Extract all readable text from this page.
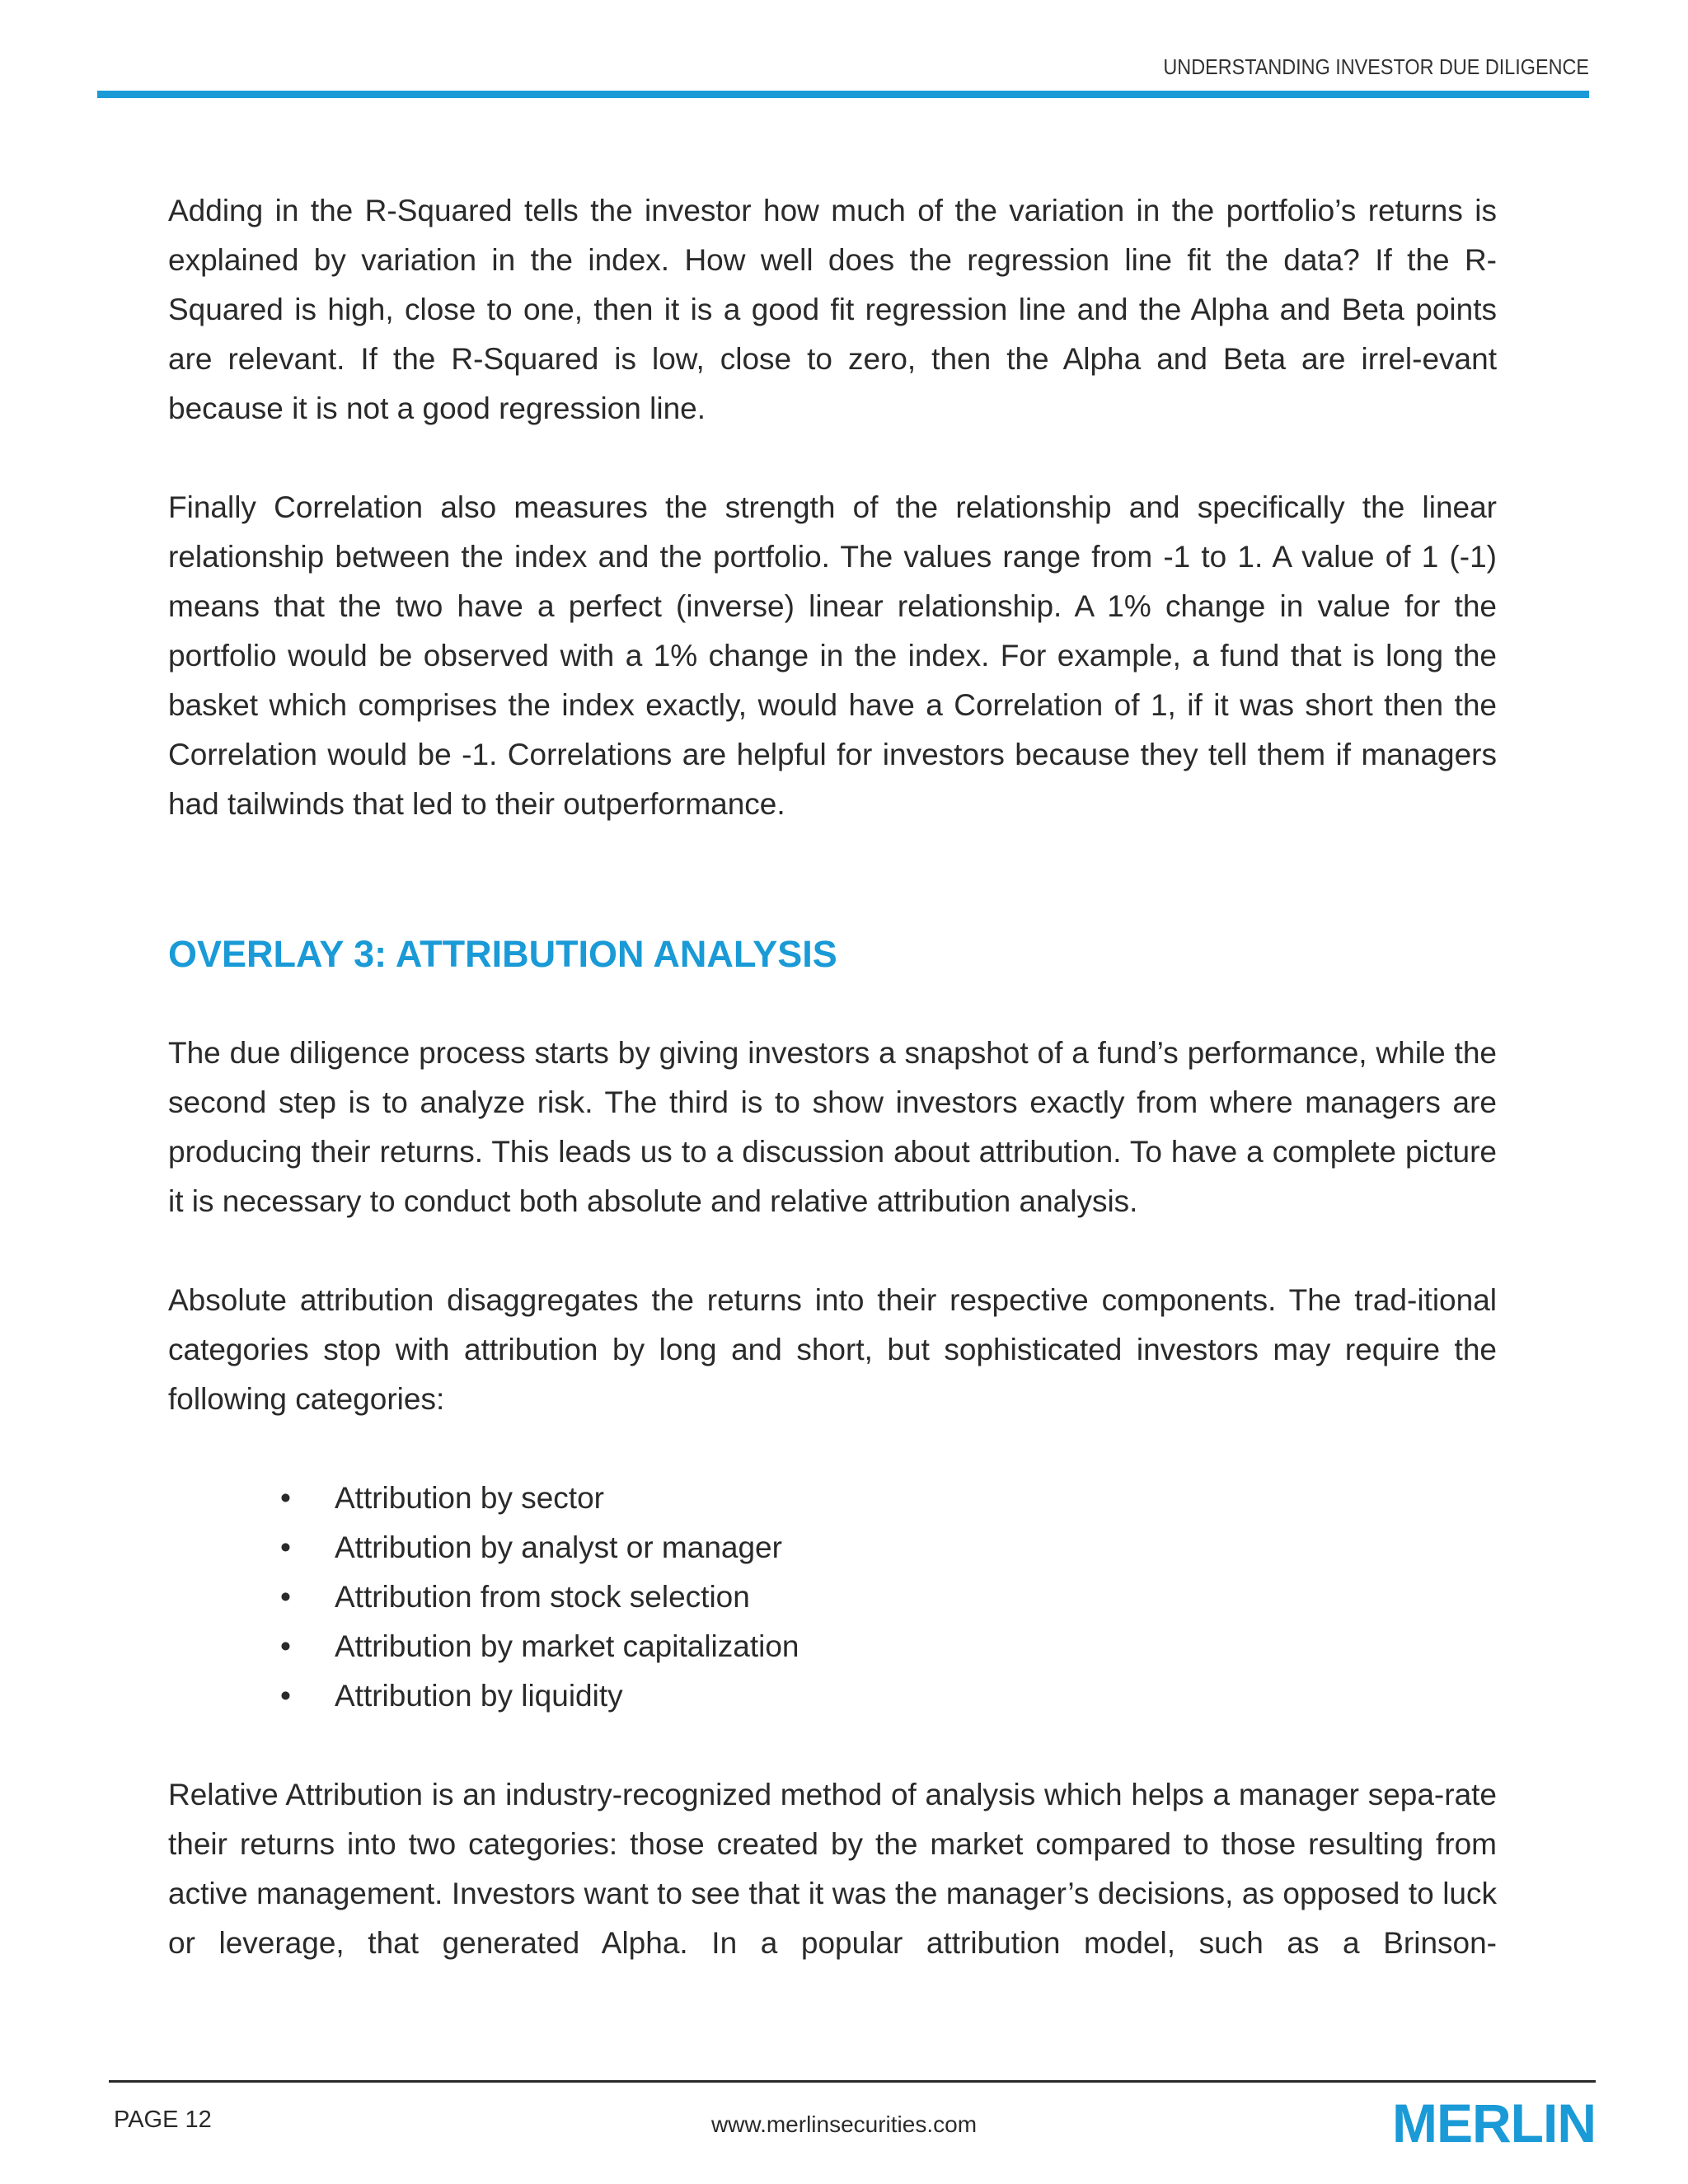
UNDERSTANDING INVESTOR DUE DILIGENCE

Adding in the R-Squared tells the investor how much of the variation in the portfolio’s returns is explained by variation in the index. How well does the regression line fit the data? If the R-Squared is high, close to one, then it is a good fit regression line and the Alpha and Beta points are relevant. If the R-Squared is low, close to zero, then the Alpha and Beta are irrel-evant because it is not a good regression line.

Finally Correlation also measures the strength of the relationship and specifically the linear relationship between the index and the portfolio. The values range from -1 to 1. A value of 1 (-1) means that the two have a perfect (inverse) linear relationship. A 1% change in value for the portfolio would be observed with a 1% change in the index. For example, a fund that is long the basket which comprises the index exactly, would have a Correlation of 1, if it was short then the Correlation would be -1. Correlations are helpful for investors because they tell them if managers had tailwinds that led to their outperformance.

OVERLAY 3: ATTRIBUTION ANALYSIS

The due diligence process starts by giving investors a snapshot of a fund’s performance, while the second step is to analyze risk. The third is to show investors exactly from where managers are producing their returns. This leads us to a discussion about attribution. To have a complete picture it is necessary to conduct both absolute and relative attribution analysis.

Absolute attribution disaggregates the returns into their respective components. The trad-itional categories stop with attribution by long and short, but sophisticated investors may require the following categories:

• Attribution by sector
• Attribution by analyst or manager
• Attribution from stock selection
• Attribution by market capitalization
• Attribution by liquidity

Relative Attribution is an industry-recognized method of analysis which helps a manager sepa-rate their returns into two categories: those created by the market compared to those resulting from active management. Investors want to see that it was the manager’s decisions, as opposed to luck or leverage, that generated Alpha. In a popular attribution model, such as a Brinson-

PAGE 12	www.merlinsecurities.com	MERLIN
